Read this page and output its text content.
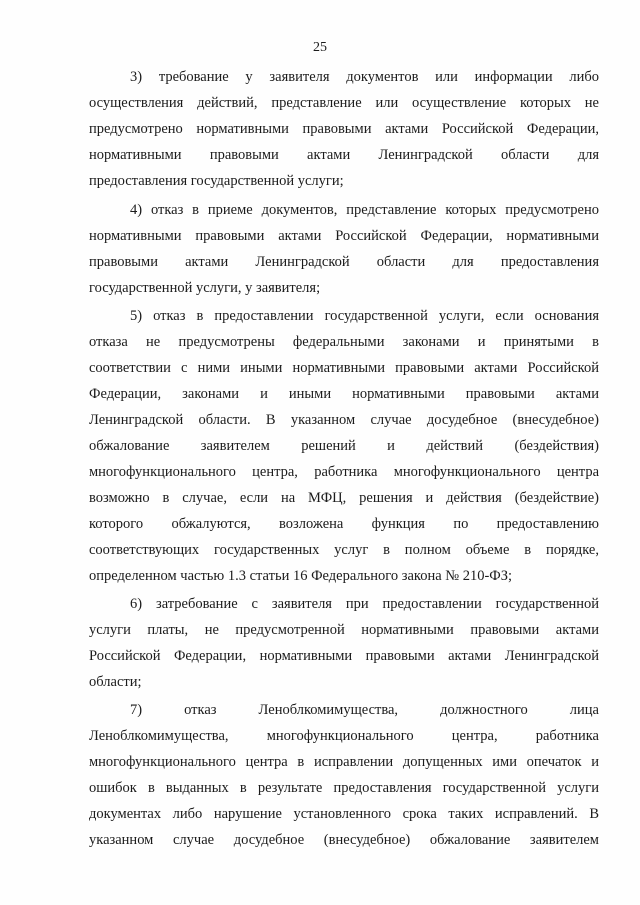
25
3) требование у заявителя документов или информации либо
осуществления действий, представление или осуществление которых не
предусмотрено нормативными правовыми актами Российской Федерации,
нормативными правовыми актами Ленинградской области для
предоставления государственной услуги;
4) отказ в приеме документов, представление которых предусмотрено
нормативными правовыми актами Российской Федерации, нормативными
правовыми актами Ленинградской области для предоставления
государственной услуги, у заявителя;
5) отказ в предоставлении государственной услуги, если основания
отказа не предусмотрены федеральными законами и принятыми в
соответствии с ними иными нормативными правовыми актами Российской
Федерации, законами и иными нормативными правовыми актами
Ленинградской области. В указанном случае досудебное (внесудебное)
обжалование заявителем решений и действий (бездействия)
многофункционального центра, работника многофункционального центра
возможно в случае, если на МФЦ, решения и действия (бездействие)
которого обжалуются, возложена функция по предоставлению
соответствующих государственных услуг в полном объеме в порядке,
определенном частью 1.3 статьи 16 Федерального закона № 210-ФЗ;
6) затребование с заявителя при предоставлении государственной
услуги платы, не предусмотренной нормативными правовыми актами
Российской Федерации, нормативными правовыми актами Ленинградской
области;
7) отказ Леноблкомимущества, должностного лица
Леноблкомимущества, многофункционального центра, работника
многофункционального центра в исправлении допущенных ими опечаток и
ошибок в выданных в результате предоставления государственной услуги
документах либо нарушение установленного срока таких исправлений. В
указанном случае досудебное (внесудебное) обжалование заявителем
